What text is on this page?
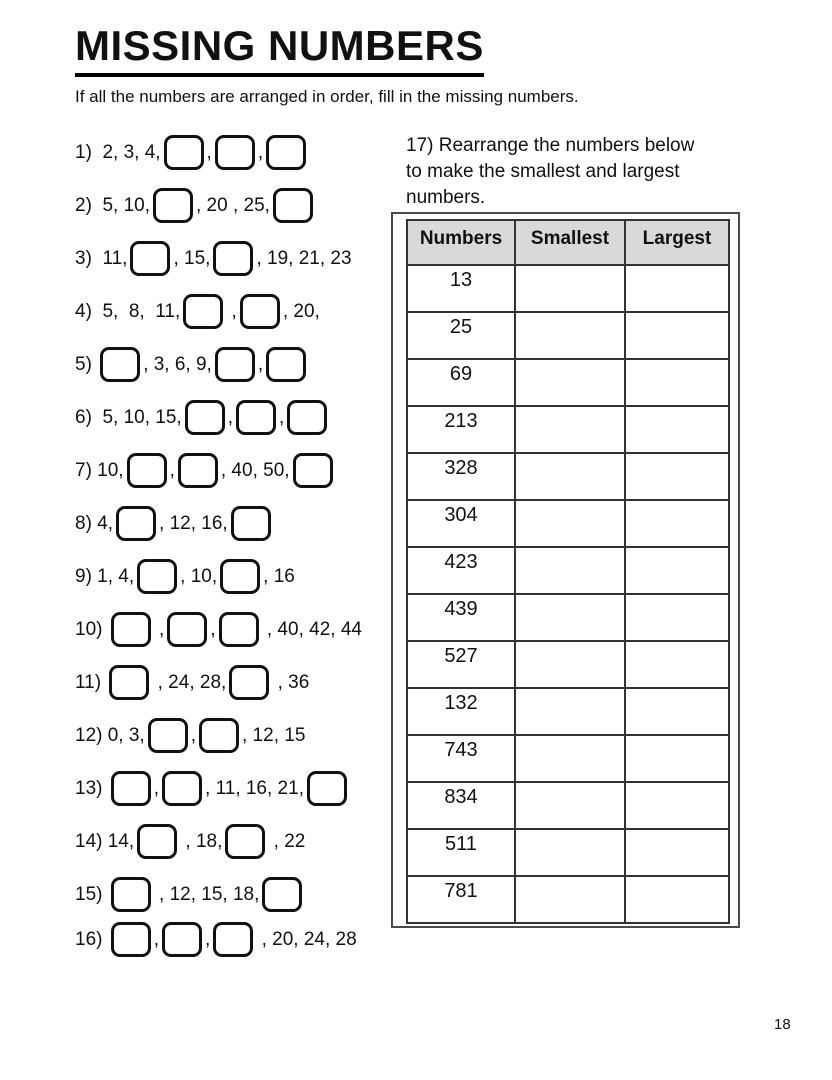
MISSING NUMBERS

If all the numbers are arranged in order, fill in the missing numbers.

1)  2, 3, 4, , ,
2)  5, 10, , 20 , 25,
3)  11, , 15, , 19, 21, 23
4)  5,  8,  11, , , 20,
5) , 3, 6, 9, ,
6)  5, 10, 15, , ,
7) 10, , , 40, 50,
8) 4, , 12, 16,
9) 1, 4, , 10, , 16
10) , , , 40, 42, 44
11) , 24, 28, , 36
12) 0, 3, , , 12, 15
13) , , 11, 16, 21,
14) 14, , 18, , 22
15) , 12, 15, 18,
16) , , , 20, 24, 28
17) Rearrange the numbers below
to make the smallest and largest
numbers.
Numbers	Smallest	Largest
13		
25		
69		
213		
328		
304		
423		
439		
527		
132		
743		
834		
511		
781		
18
